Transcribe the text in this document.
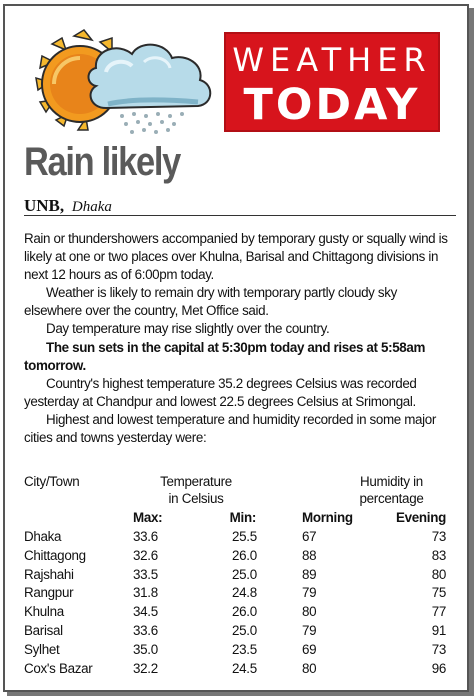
WEATHER
TODAY
Rain likely
UNB, Dhaka

Rain or thundershowers accompanied by temporary gusty or squally wind is likely at one or two places over Khulna, Barisal and Chittagong divisions in next 12 hours as of 6:00pm today.

Weather is likely to remain dry with temporary partly cloudy sky elsewhere over the country, Met Office said.

Day temperature may rise slightly over the country.

The sun sets in the capital at 5:30pm today and rises at 5:58am tomorrow.

Country's highest temperature 35.2 degrees Celsius was recorded yesterday at Chandpur and lowest 22.5 degrees Celsius at Srimongal.

Highest and lowest temperature and humidity recorded in some major cities and towns yesterday were:

City/Town	Temperature in Celsius
Humidity in percentage
Max:	Min:	Morning	Evening
Dhaka	33.6	25.5	67	73
Chittagong	32.6	26.0	88	83
Rajshahi	33.5	25.0	89	80
Rangpur	31.8	24.8	79	75
Khulna	34.5	26.0	80	77
Barisal	33.6	25.0	79	91
Sylhet	35.0	23.5	69	73
Cox's Bazar	32.2	24.5	80	96
